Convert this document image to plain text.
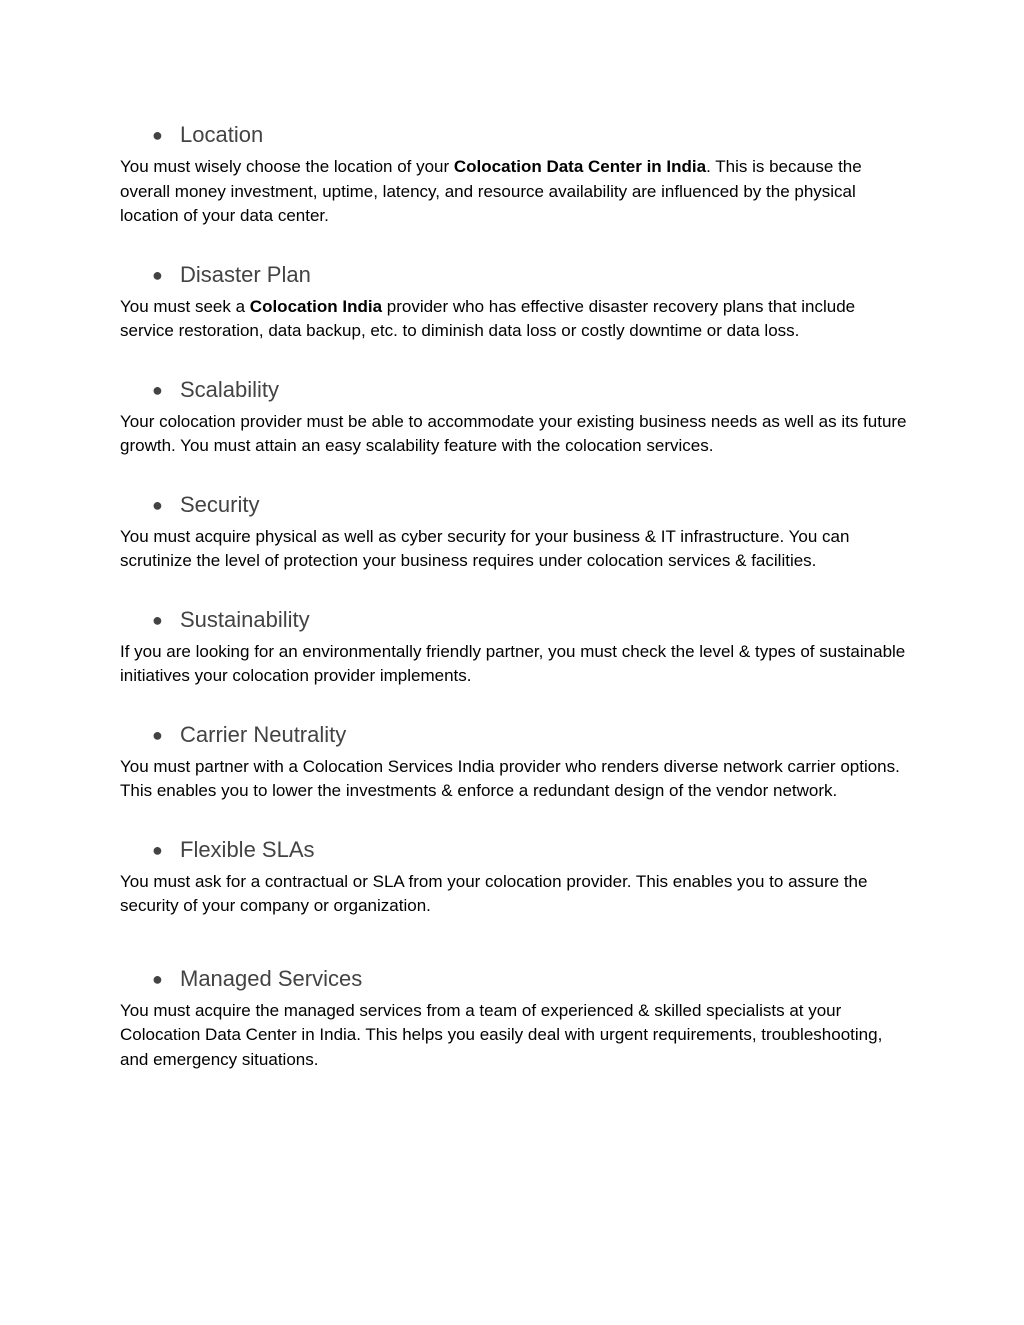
● Location

You must wisely choose the location of your Colocation Data Center in India. This is because the overall money investment, uptime, latency, and resource availability are influenced by the physical location of your data center.

● Disaster Plan

You must seek a Colocation India provider who has effective disaster recovery plans that include service restoration, data backup, etc. to diminish data loss or costly downtime or data loss.

● Scalability

Your colocation provider must be able to accommodate your existing business needs as well as its future growth. You must attain an easy scalability feature with the colocation services.

● Security

You must acquire physical as well as cyber security for your business & IT infrastructure. You can scrutinize the level of protection your business requires under colocation services & facilities.

● Sustainability

If you are looking for an environmentally friendly partner, you must check the level & types of sustainable initiatives your colocation provider implements.

● Carrier Neutrality

You must partner with a Colocation Services India provider who renders diverse network carrier options. This enables you to lower the investments & enforce a redundant design of the vendor network.

● Flexible SLAs

You must ask for a contractual or SLA from your colocation provider. This enables you to assure the security of your company or organization.

● Managed Services

You must acquire the managed services from a team of experienced & skilled specialists at your Colocation Data Center in India. This helps you easily deal with urgent requirements, troubleshooting, and emergency situations.
